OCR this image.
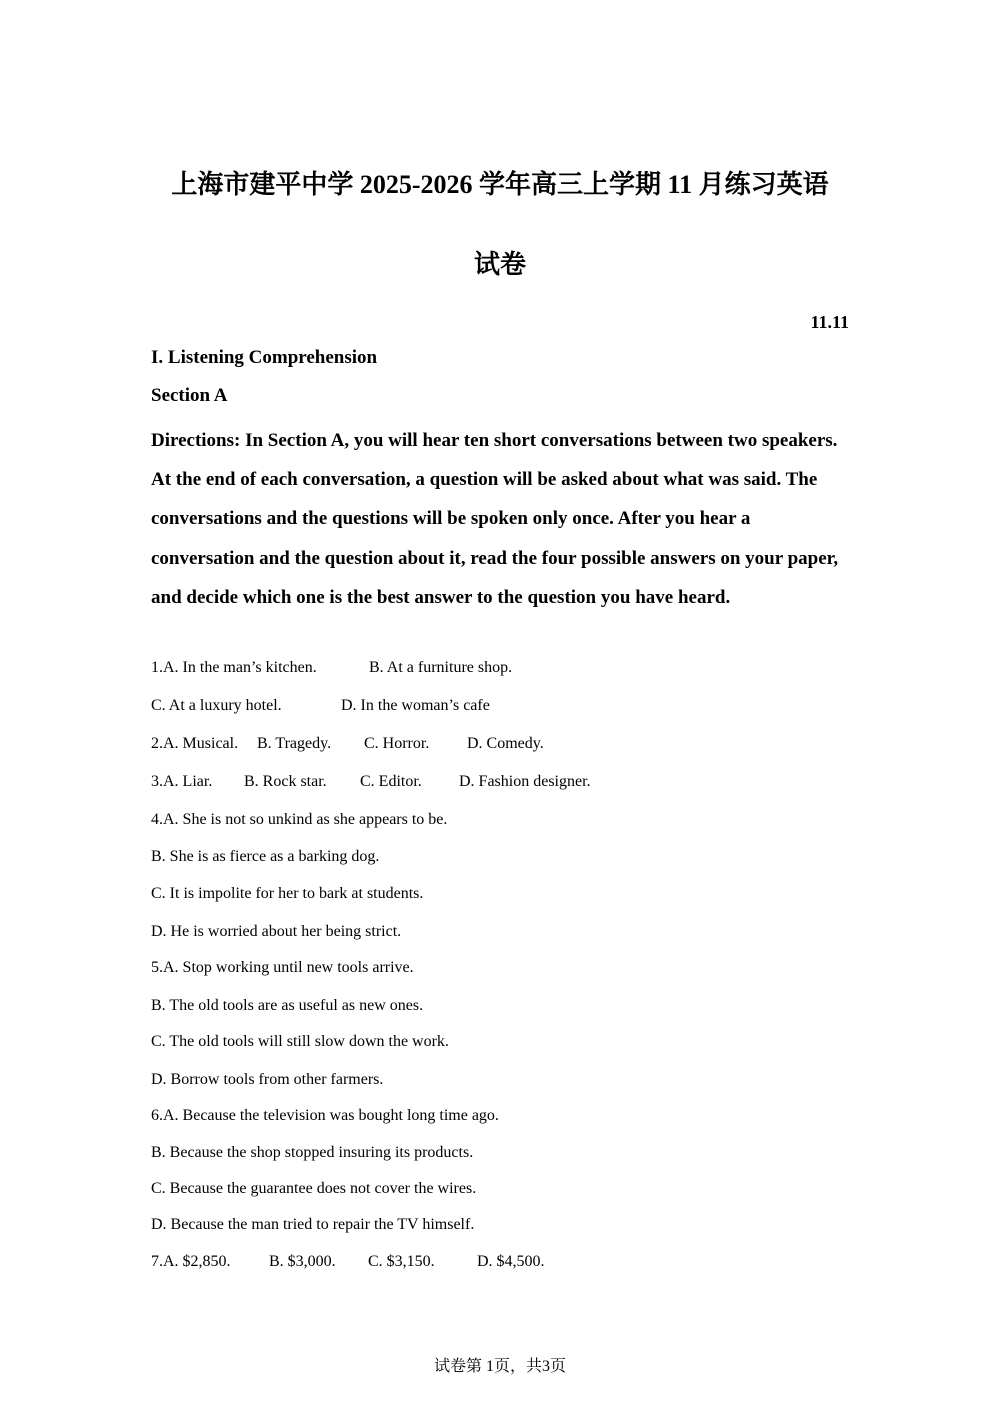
上海市建平中学 2025-2026 学年高三上学期 11 月练习英语
试卷
11.11
I. Listening Comprehension
Section A

Directions: In Section A, you will hear ten short conversations between two speakers. At the end of each conversation, a question will be asked about what was said. The conversations and the questions will be spoken only once. After you hear a conversation and the question about it, read the four possible answers on your paper, and decide which one is the best answer to the question you have heard.

1.A. In the man’s kitchen.	B. At a furniture shop.
C. At a luxury hotel.	D. In the woman’s cafe
2.A. Musical. B. Tragedy. C. Horror. D. Comedy.
3.A. Liar. B. Rock star. C. Editor. D. Fashion designer.
4.A. She is not so unkind as she appears to be.
B. She is as fierce as a barking dog.
C. It is impolite for her to bark at students.
D. He is worried about her being strict.
5.A. Stop working until new tools arrive.
B. The old tools are as useful as new ones.
C. The old tools will still slow down the work.
D. Borrow tools from other farmers.
6.A. Because the television was bought long time ago.
B. Because the shop stopped insuring its products.
C. Because the guarantee does not cover the wires.
D. Because the man tried to repair the TV himself.
7.A. $2,850. B. $3,000. C. $3,150.	D. $4,500.
试卷第 1页，共3页
